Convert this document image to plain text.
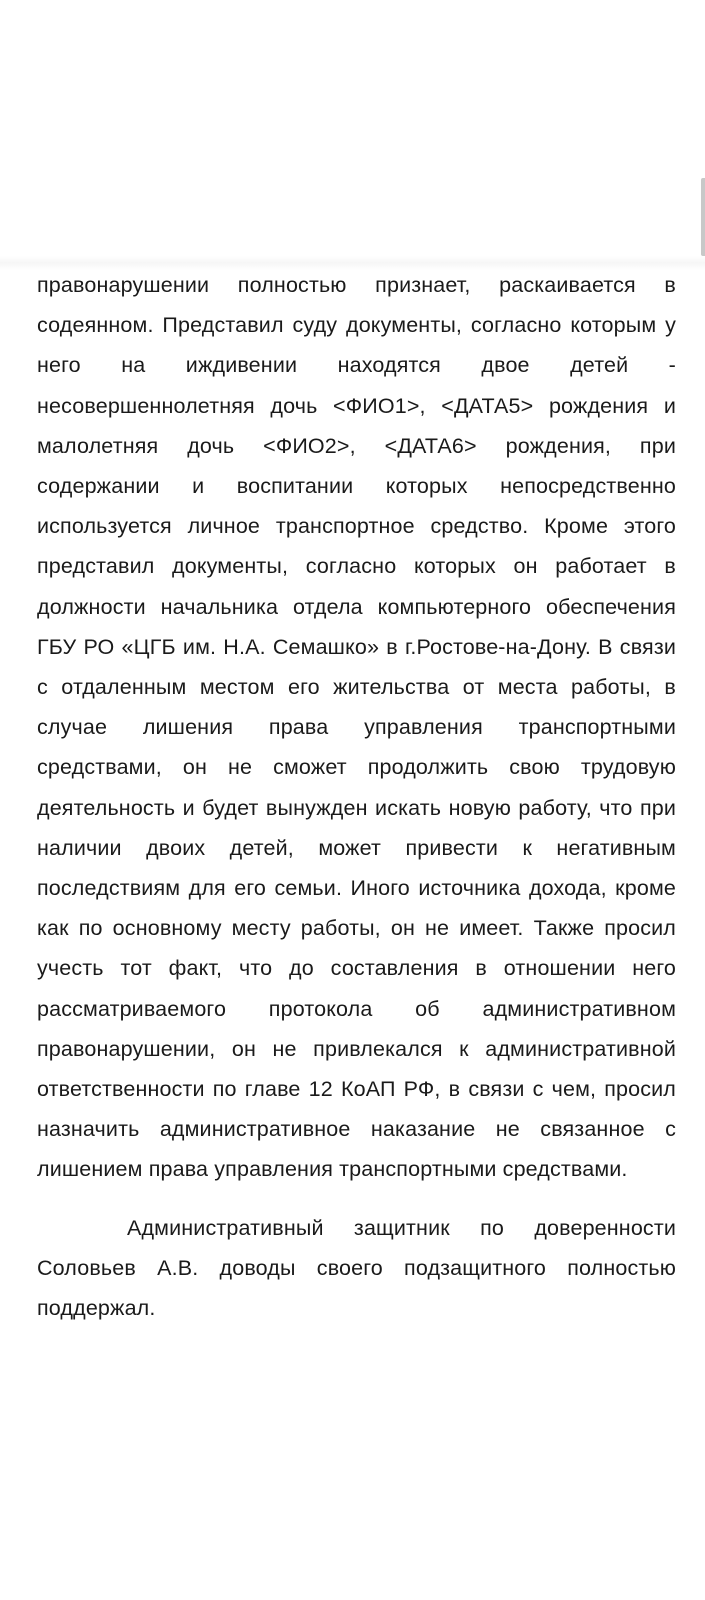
правонарушении полностью признает, раскаивается в содеянном. Представил суду документы, согласно которым у него на иждивении находятся двое детей - несовершеннолетняя дочь <ФИО1>, <ДАТА5> рождения и малолетняя дочь <ФИО2>, <ДАТА6> рождения, при содержании и воспитании которых непосредственно используется личное транспортное средство. Кроме этого представил документы, согласно которых он работает в должности начальника отдела компьютерного обеспечения ГБУ РО «ЦГБ им. Н.А. Семашко» в г.Ростове-на-Дону. В связи с отдаленным местом его жительства от места работы, в случае лишения права управления транспортными средствами, он не сможет продолжить свою трудовую деятельность и будет вынужден искать новую работу, что при наличии двоих детей, может привести к негативным последствиям для его семьи. Иного источника дохода, кроме как по основному месту работы, он не имеет. Также просил учесть тот факт, что до составления в отношении него рассматриваемого протокола об административном правонарушении, он не привлекался к административной ответственности по главе 12 КоАП РФ, в связи с чем, просил назначить административное наказание не связанное с лишением права управления транспортными средствами.

Административный защитник по доверенности Соловьев А.В. доводы своего подзащитного полностью поддержал.
